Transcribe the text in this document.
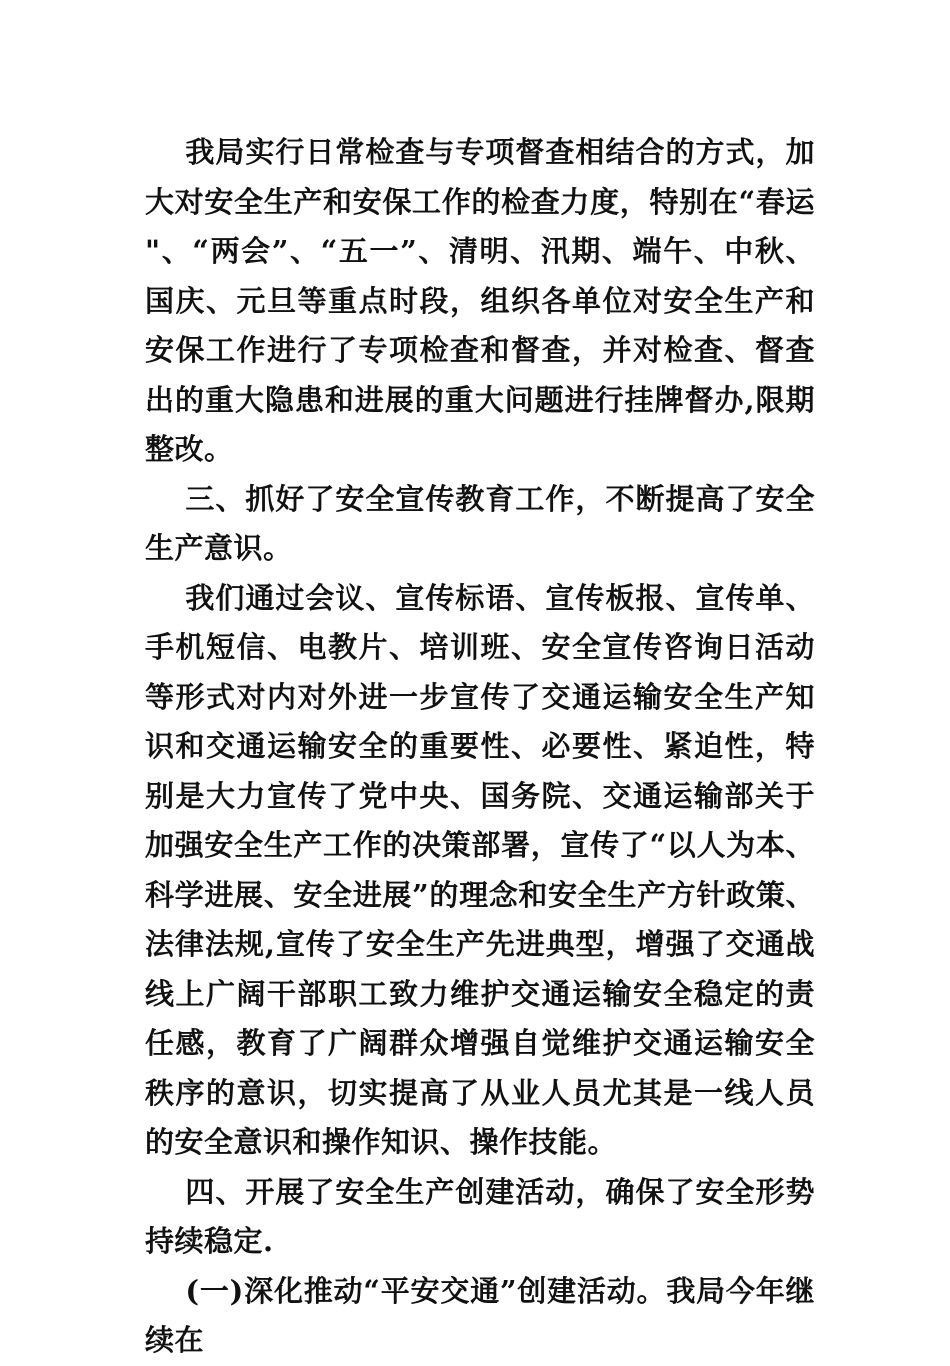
我局实行日常检查与专项督查相结合的方式，加大对安全生产和安保工作的检查力度，特别在“春运"、“两会”、“五一”、清明、汛期、端午、中秋、国庆、元旦等重点时段，组织各单位对安全生产和安保工作进行了专项检查和督查，并对检查、督查出的重大隐患和进展的重大问题进行挂牌督办,限期整改。

三、抓好了安全宣传教育工作，不断提高了安全生产意识。

我们通过会议、宣传标语、宣传板报、宣传单、手机短信、电教片、培训班、安全宣传咨询日活动等形式对内对外进一步宣传了交通运输安全生产知识和交通运输安全的重要性、必要性、紧迫性，特别是大力宣传了党中央、国务院、交通运输部关于加强安全生产工作的决策部署，宣传了“以人为本、科学进展、安全进展”的理念和安全生产方针政策、法律法规,宣传了安全生产先进典型，增强了交通战线上广阔干部职工致力维护交通运输安全稳定的责任感，教育了广阔群众增强自觉维护交通运输安全秩序的意识，切实提高了从业人员尤其是一线人员的安全意识和操作知识、操作技能。

四、开展了安全生产创建活动，确保了安全形势持续稳定.

(一)深化推动“平安交通”创建活动。我局今年继续在
